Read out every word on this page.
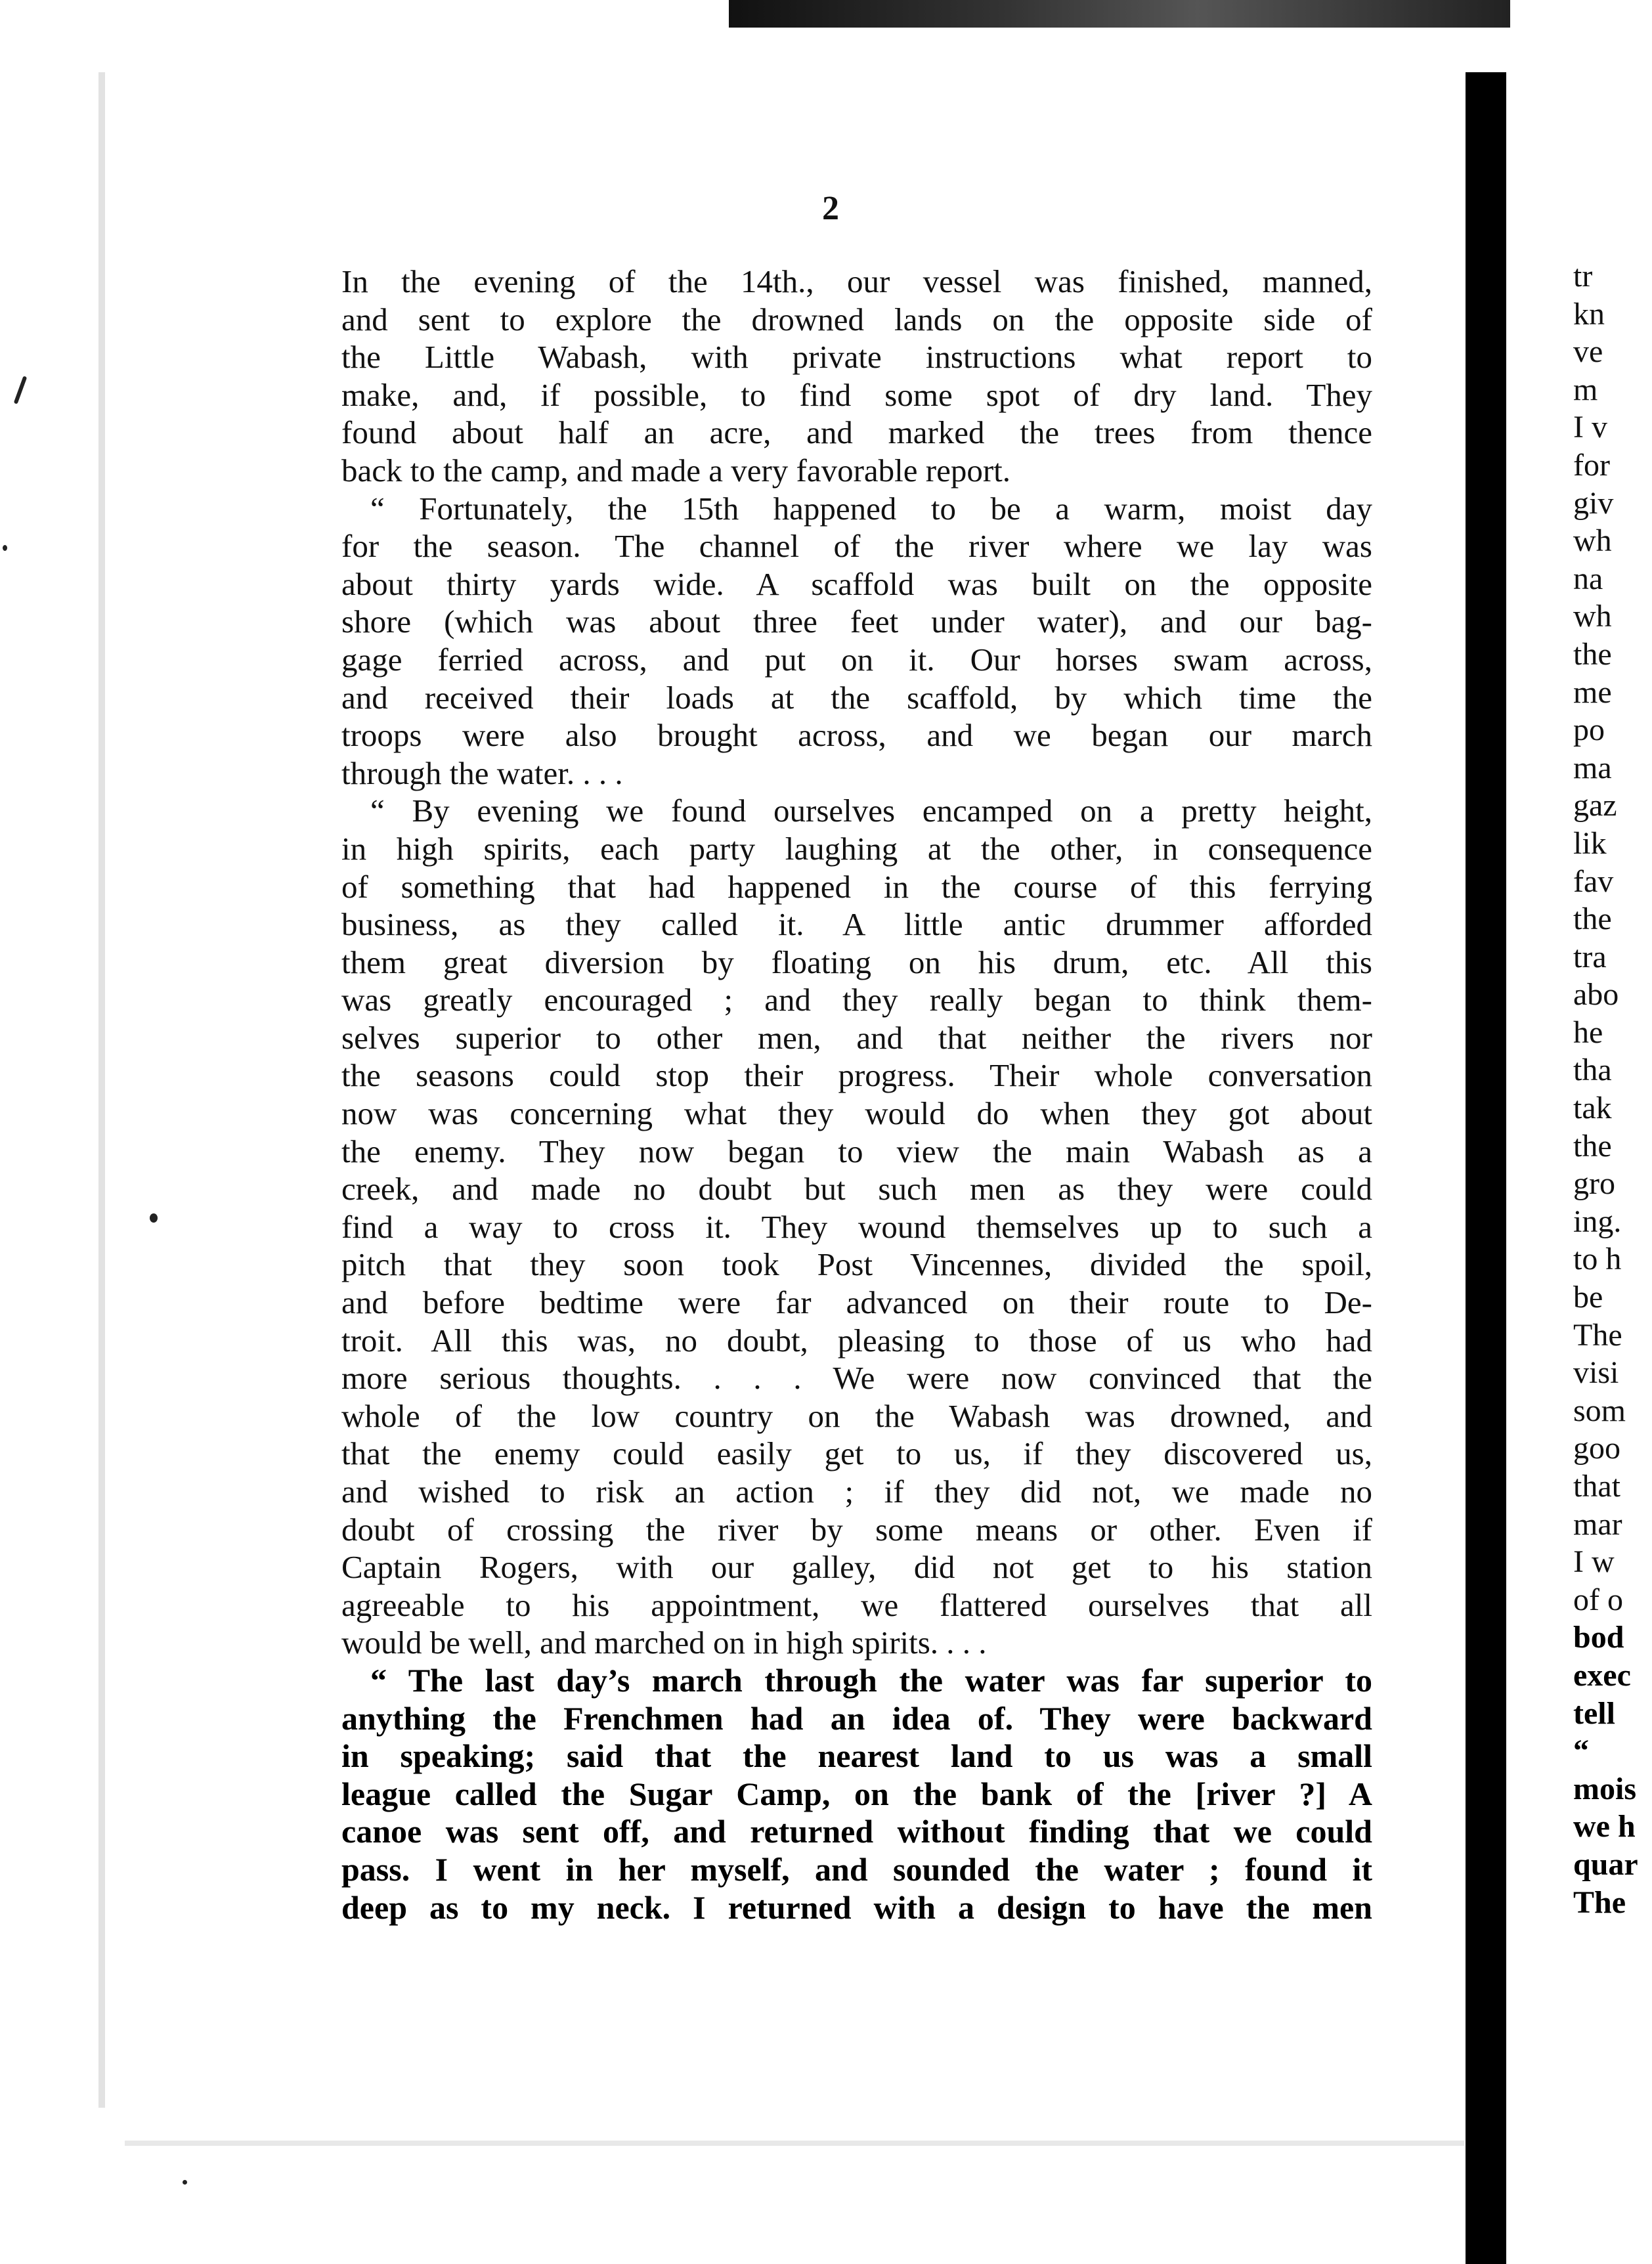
2
In the evening of the 14th., our vessel was finished, manned,
and sent to explore the drowned lands on the opposite side of
the Little Wabash, with private instructions what report to
make, and, if possible, to find some spot of dry land. They
found about half an acre, and marked the trees from thence
back to the camp, and made a very favorable report.
“ Fortunately, the 15th happened to be a warm, moist day
for the season. The channel of the river where we lay was
about thirty yards wide. A scaffold was built on the opposite
shore (which was about three feet under water), and our bag-
gage ferried across, and put on it. Our horses swam across,
and received their loads at the scaffold, by which time the
troops were also brought across, and we began our march
through the water. . . .
“ By evening we found ourselves encamped on a pretty height,
in high spirits, each party laughing at the other, in consequence
of something that had happened in the course of this ferrying
business, as they called it. A little antic drummer afforded
them great diversion by floating on his drum, etc. All this
was greatly encouraged ; and they really began to think them-
selves superior to other men, and that neither the rivers nor
the seasons could stop their progress. Their whole conversation
now was concerning what they would do when they got about
the enemy. They now began to view the main Wabash as a
creek, and made no doubt but such men as they were could
find a way to cross it. They wound themselves up to such a
pitch that they soon took Post Vincennes, divided the spoil,
and before bedtime were far advanced on their route to De-
troit. All this was, no doubt, pleasing to those of us who had
more serious thoughts. . . . We were now convinced that the
whole of the low country on the Wabash was drowned, and
that the enemy could easily get to us, if they discovered us,
and wished to risk an action ; if they did not, we made no
doubt of crossing the river by some means or other. Even if
Captain Rogers, with our galley, did not get to his station
agreeable to his appointment, we flattered ourselves that all
would be well, and marched on in high spirits. . . .
“ The last day’s march through the water was far superior to
anything the Frenchmen had an idea of. They were backward
in speaking; said that the nearest land to us was a small
league called the Sugar Camp, on the bank of the [river ?] A
canoe was sent off, and returned without finding that we could
pass. I went in her myself, and sounded the water ; found it
deep as to my neck. I returned with a design to have the men
tr
kn
ve
m
I v
for
giv
wh
na
wh
the
me
po
ma
gaz
lik
fav
the
tra
abo
he
tha
tak
the
gro
ing.
to h
be
The
visi
som
goo
that
mar
I w
of o
bod
exec
tell
“
mois
we h
quar
The
